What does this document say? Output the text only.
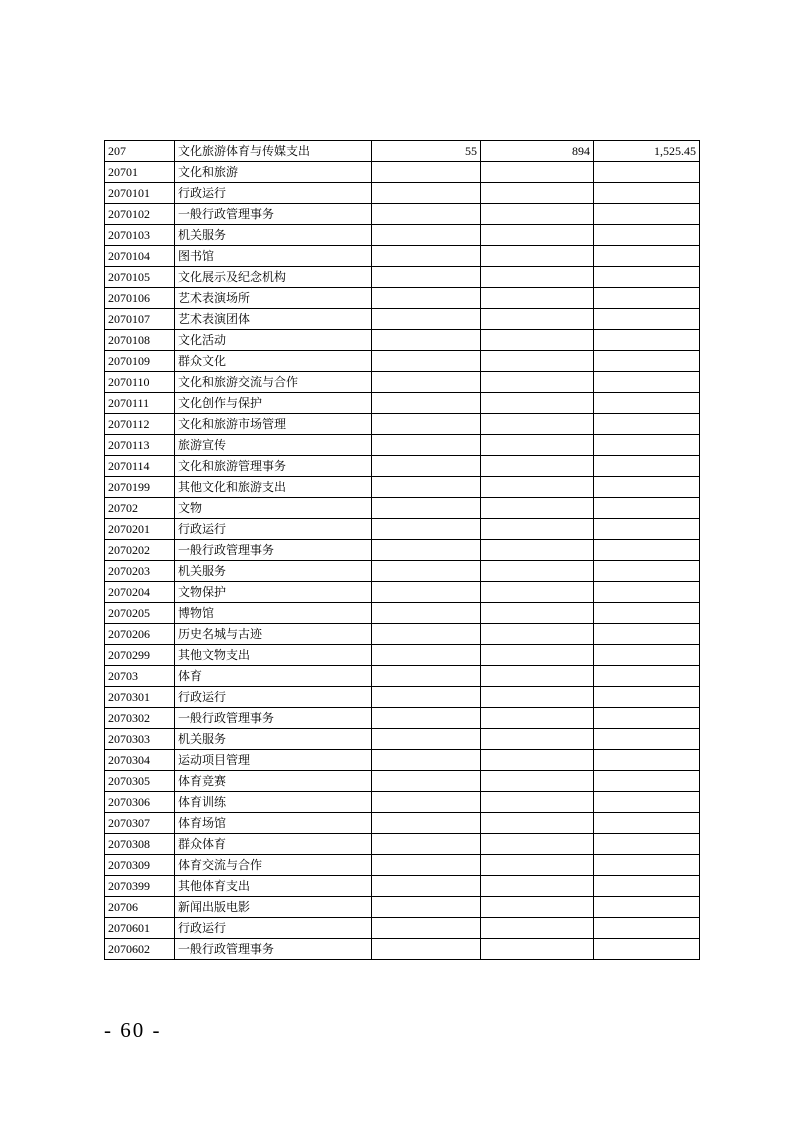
207	文化旅游体育与传媒支出	55	894	1,525.45
20701	文化和旅游			
2070101	行政运行			
2070102	一般行政管理事务			
2070103	机关服务			
2070104	图书馆			
2070105	文化展示及纪念机构			
2070106	艺术表演场所			
2070107	艺术表演团体			
2070108	文化活动			
2070109	群众文化			
2070110	文化和旅游交流与合作			
2070111	文化创作与保护			
2070112	文化和旅游市场管理			
2070113	旅游宣传			
2070114	文化和旅游管理事务			
2070199	其他文化和旅游支出			
20702	文物			
2070201	行政运行			
2070202	一般行政管理事务			
2070203	机关服务			
2070204	文物保护			
2070205	博物馆			
2070206	历史名城与古迹			
2070299	其他文物支出			
20703	体育			
2070301	行政运行			
2070302	一般行政管理事务			
2070303	机关服务			
2070304	运动项目管理			
2070305	体育竞赛			
2070306	体育训练			
2070307	体育场馆			
2070308	群众体育			
2070309	体育交流与合作			
2070399	其他体育支出			
20706	新闻出版电影			
2070601	行政运行			
2070602	一般行政管理事务			
- 60 -
